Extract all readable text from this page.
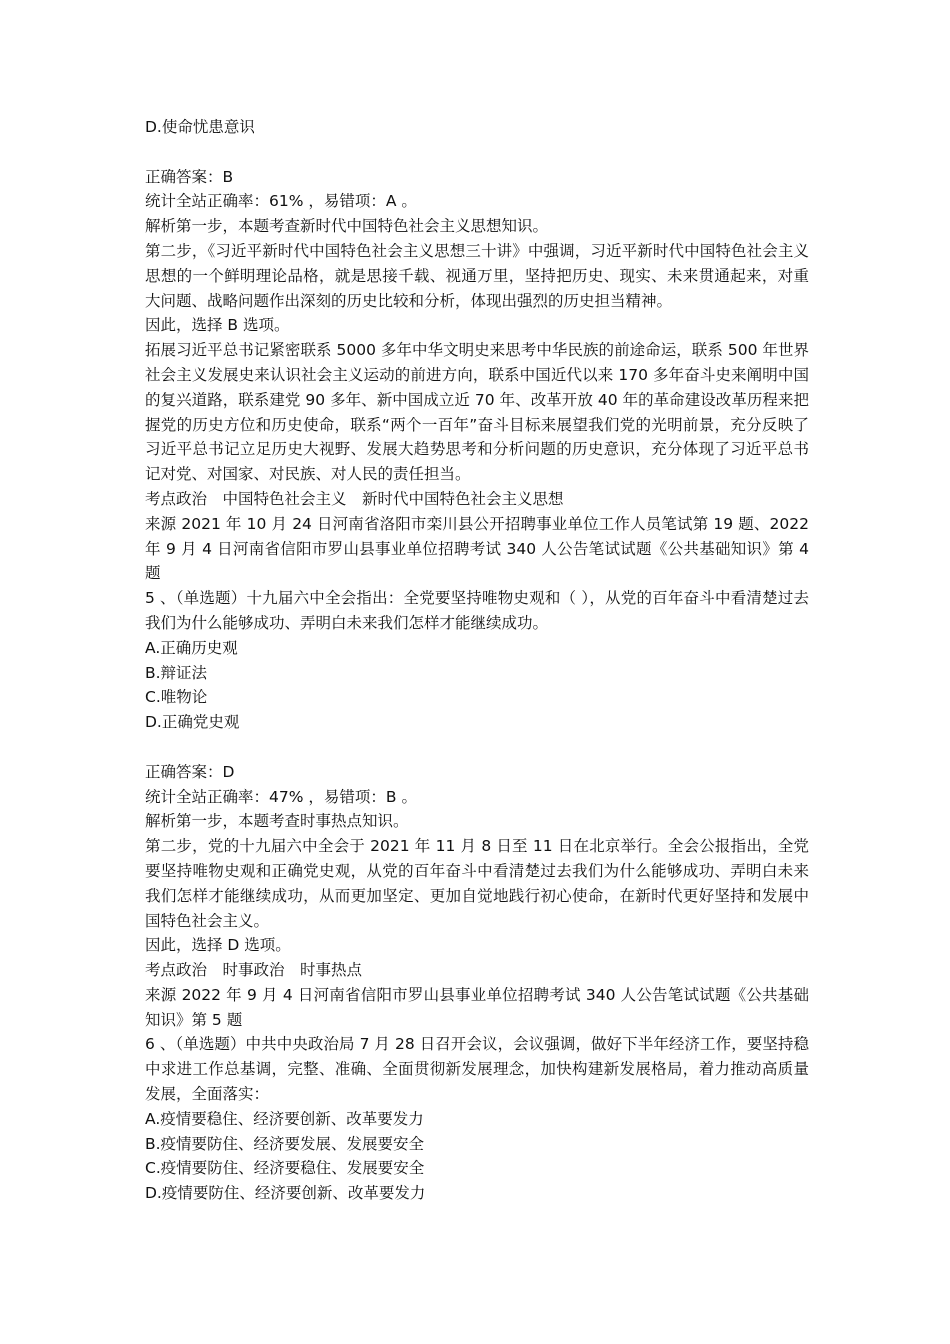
D.使命忧患意识
正确答案：B
统计全站正确率：61% ，易错项：A 。
解析第一步，本题考查新时代中国特色社会主义思想知识。
第二步，《习近平新时代中国特色社会主义思想三十讲》中强调，习近平新时代中国特色社会主义思想的一个鲜明理论品格，就是思接千载、视通万里，坚持把历史、现实、未来贯通起来，对重大问题、战略问题作出深刻的历史比较和分析，体现出强烈的历史担当精神。
因此，选择 B 选项。
拓展习近平总书记紧密联系 5000 多年中华文明史来思考中华民族的前途命运，联系 500 年世界社会主义发展史来认识社会主义运动的前进方向，联系中国近代以来 170 多年奋斗史来阐明中国的复兴道路，联系建党 90 多年、新中国成立近 70 年、改革开放 40 年的革命建设改革历程来把握党的历史方位和历史使命，联系“两个一百年”奋斗目标来展望我们党的光明前景，充分反映了习近平总书记立足历史大视野、发展大趋势思考和分析问题的历史意识，充分体现了习近平总书记对党、对国家、对民族、对人民的责任担当。
考点政治　中国特色社会主义　新时代中国特色社会主义思想
来源 2021 年 10 月 24 日河南省洛阳市栾川县公开招聘事业单位工作人员笔试第 19 题、2022 年 9 月 4 日河南省信阳市罗山县事业单位招聘考试 340 人公告笔试试题《公共基础知识》第 4 题
5 、（单选题）十九届六中全会指出：全党要坚持唯物史观和（ ），从党的百年奋斗中看清楚过去我们为什么能够成功、弄明白未来我们怎样才能继续成功。
A.正确历史观
B.辩证法
C.唯物论
D.正确党史观
正确答案：D
统计全站正确率：47% ，易错项：B 。
解析第一步，本题考查时事热点知识。
第二步，党的十九届六中全会于 2021 年 11 月 8 日至 11 日在北京举行。全会公报指出，全党要坚持唯物史观和正确党史观，从党的百年奋斗中看清楚过去我们为什么能够成功、弄明白未来我们怎样才能继续成功，从而更加坚定、更加自觉地践行初心使命，在新时代更好坚持和发展中国特色社会主义。
因此，选择 D 选项。
考点政治　时事政治　时事热点
来源 2022 年 9 月 4 日河南省信阳市罗山县事业单位招聘考试 340 人公告笔试试题《公共基础知识》第 5 题
6 、（单选题）中共中央政治局 7 月 28 日召开会议，会议强调，做好下半年经济工作，要坚持稳中求进工作总基调，完整、准确、全面贯彻新发展理念，加快构建新发展格局，着力推动高质量发展，全面落实：
A.疫情要稳住、经济要创新、改革要发力
B.疫情要防住、经济要发展、发展要安全
C.疫情要防住、经济要稳住、发展要安全
D.疫情要防住、经济要创新、改革要发力
